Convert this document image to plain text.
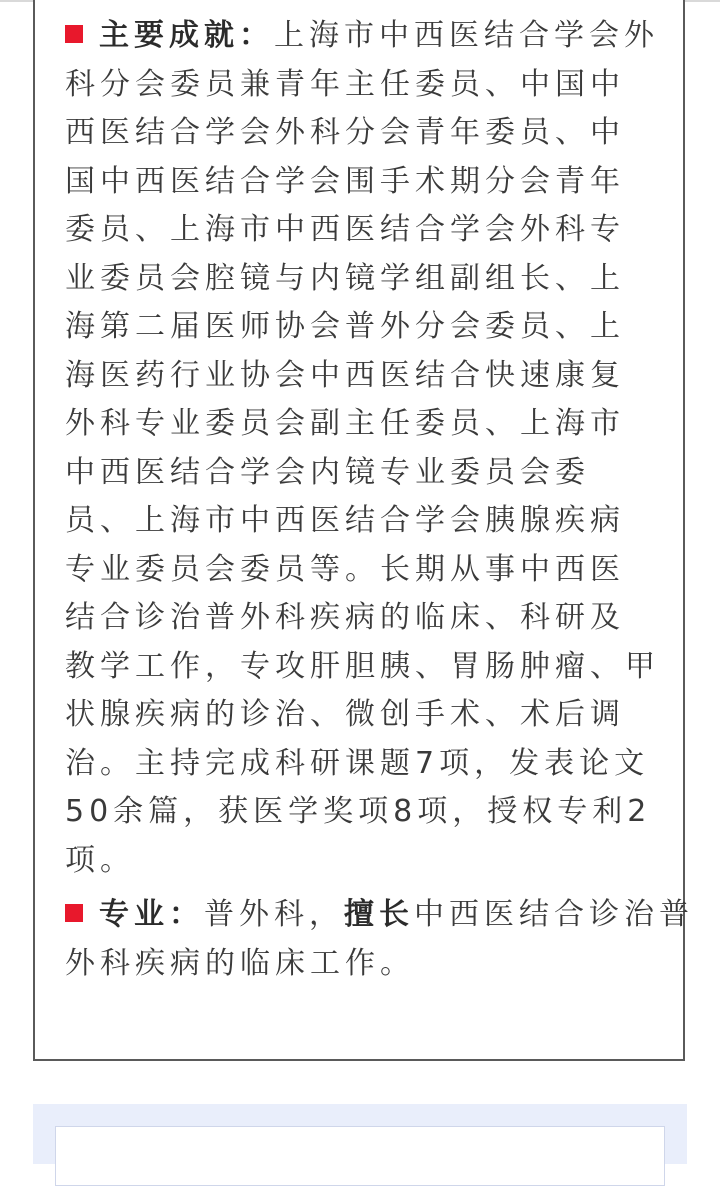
主要成就：上海市中西医结合学会外
科分会委员兼青年主任委员、中国中
西医结合学会外科分会青年委员、中
国中西医结合学会围手术期分会青年
委员、上海市中西医结合学会外科专
业委员会腔镜与内镜学组副组长、上
海第二届医师协会普外分会委员、上
海医药行业协会中西医结合快速康复
外科专业委员会副主任委员、上海市
中西医结合学会内镜专业委员会委
员、上海市中西医结合学会胰腺疾病
专业委员会委员等。长期从事中西医
结合诊治普外科疾病的临床、科研及
教学工作，专攻肝胆胰、胃肠肿瘤、甲
状腺疾病的诊治、微创手术、术后调
治。主持完成科研课题7项，发表论文
50余篇，获医学奖项8项，授权专利2
项。
专业：普外科，擅长中西医结合诊治普
外科疾病的临床工作。
